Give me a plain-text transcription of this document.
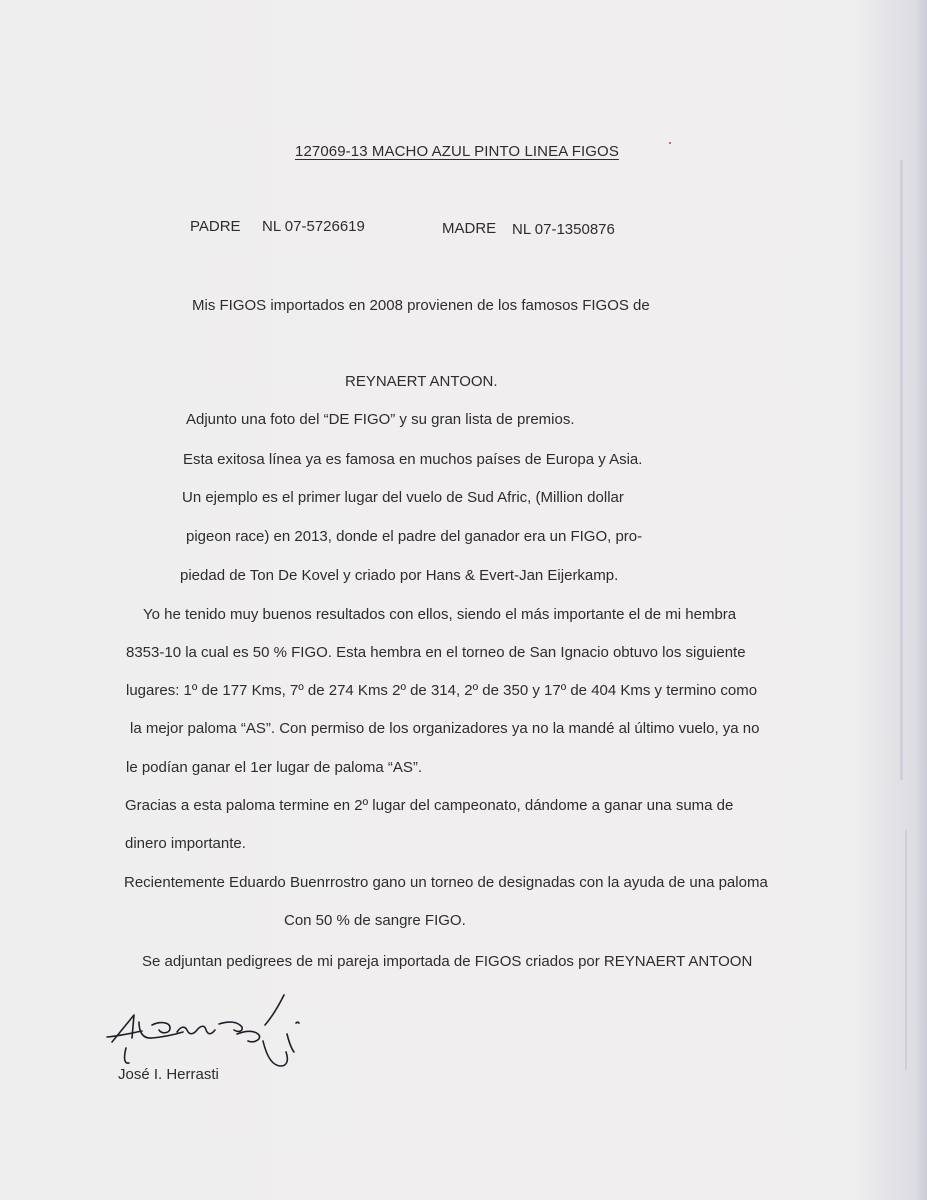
127069-13 MACHO AZUL PINTO LINEA FIGOS
PADRE NL 07-5726619	MADRE NL 07-1350876
Mis FIGOS importados en 2008 provienen de los famosos FIGOS de
REYNAERT ANTOON.
Adjunto una foto del “DE FIGO” y su gran lista de premios.
Esta exitosa línea ya es famosa en muchos países de Europa y Asia.
Un ejemplo es el primer lugar del vuelo de Sud Afric, (Million dollar
pigeon race) en 2013, donde el padre del ganador era un FIGO, pro-
piedad de Ton De Kovel y criado por Hans & Evert-Jan Eijerkamp.
Yo he tenido muy buenos resultados con ellos, siendo el más importante el de mi hembra
8353-10 la cual es 50 % FIGO. Esta hembra en el torneo de San Ignacio obtuvo los siguiente
lugares: 1º de 177 Kms, 7º de 274 Kms 2º de 314, 2º de 350 y 17º de 404 Kms y termino como
la mejor paloma “AS”. Con permiso de los organizadores ya no la mandé al último vuelo, ya no
le podían ganar el 1er lugar de paloma “AS”.
Gracias a esta paloma termine en 2º lugar del campeonato, dándome a ganar una suma de
dinero importante.
Recientemente Eduardo Buenrrostro gano un torneo de designadas con la ayuda de una paloma
Con 50 % de sangre FIGO.
Se adjuntan pedigrees de mi pareja importada de FIGOS criados por REYNAERT ANTOON
José I. Herrasti
